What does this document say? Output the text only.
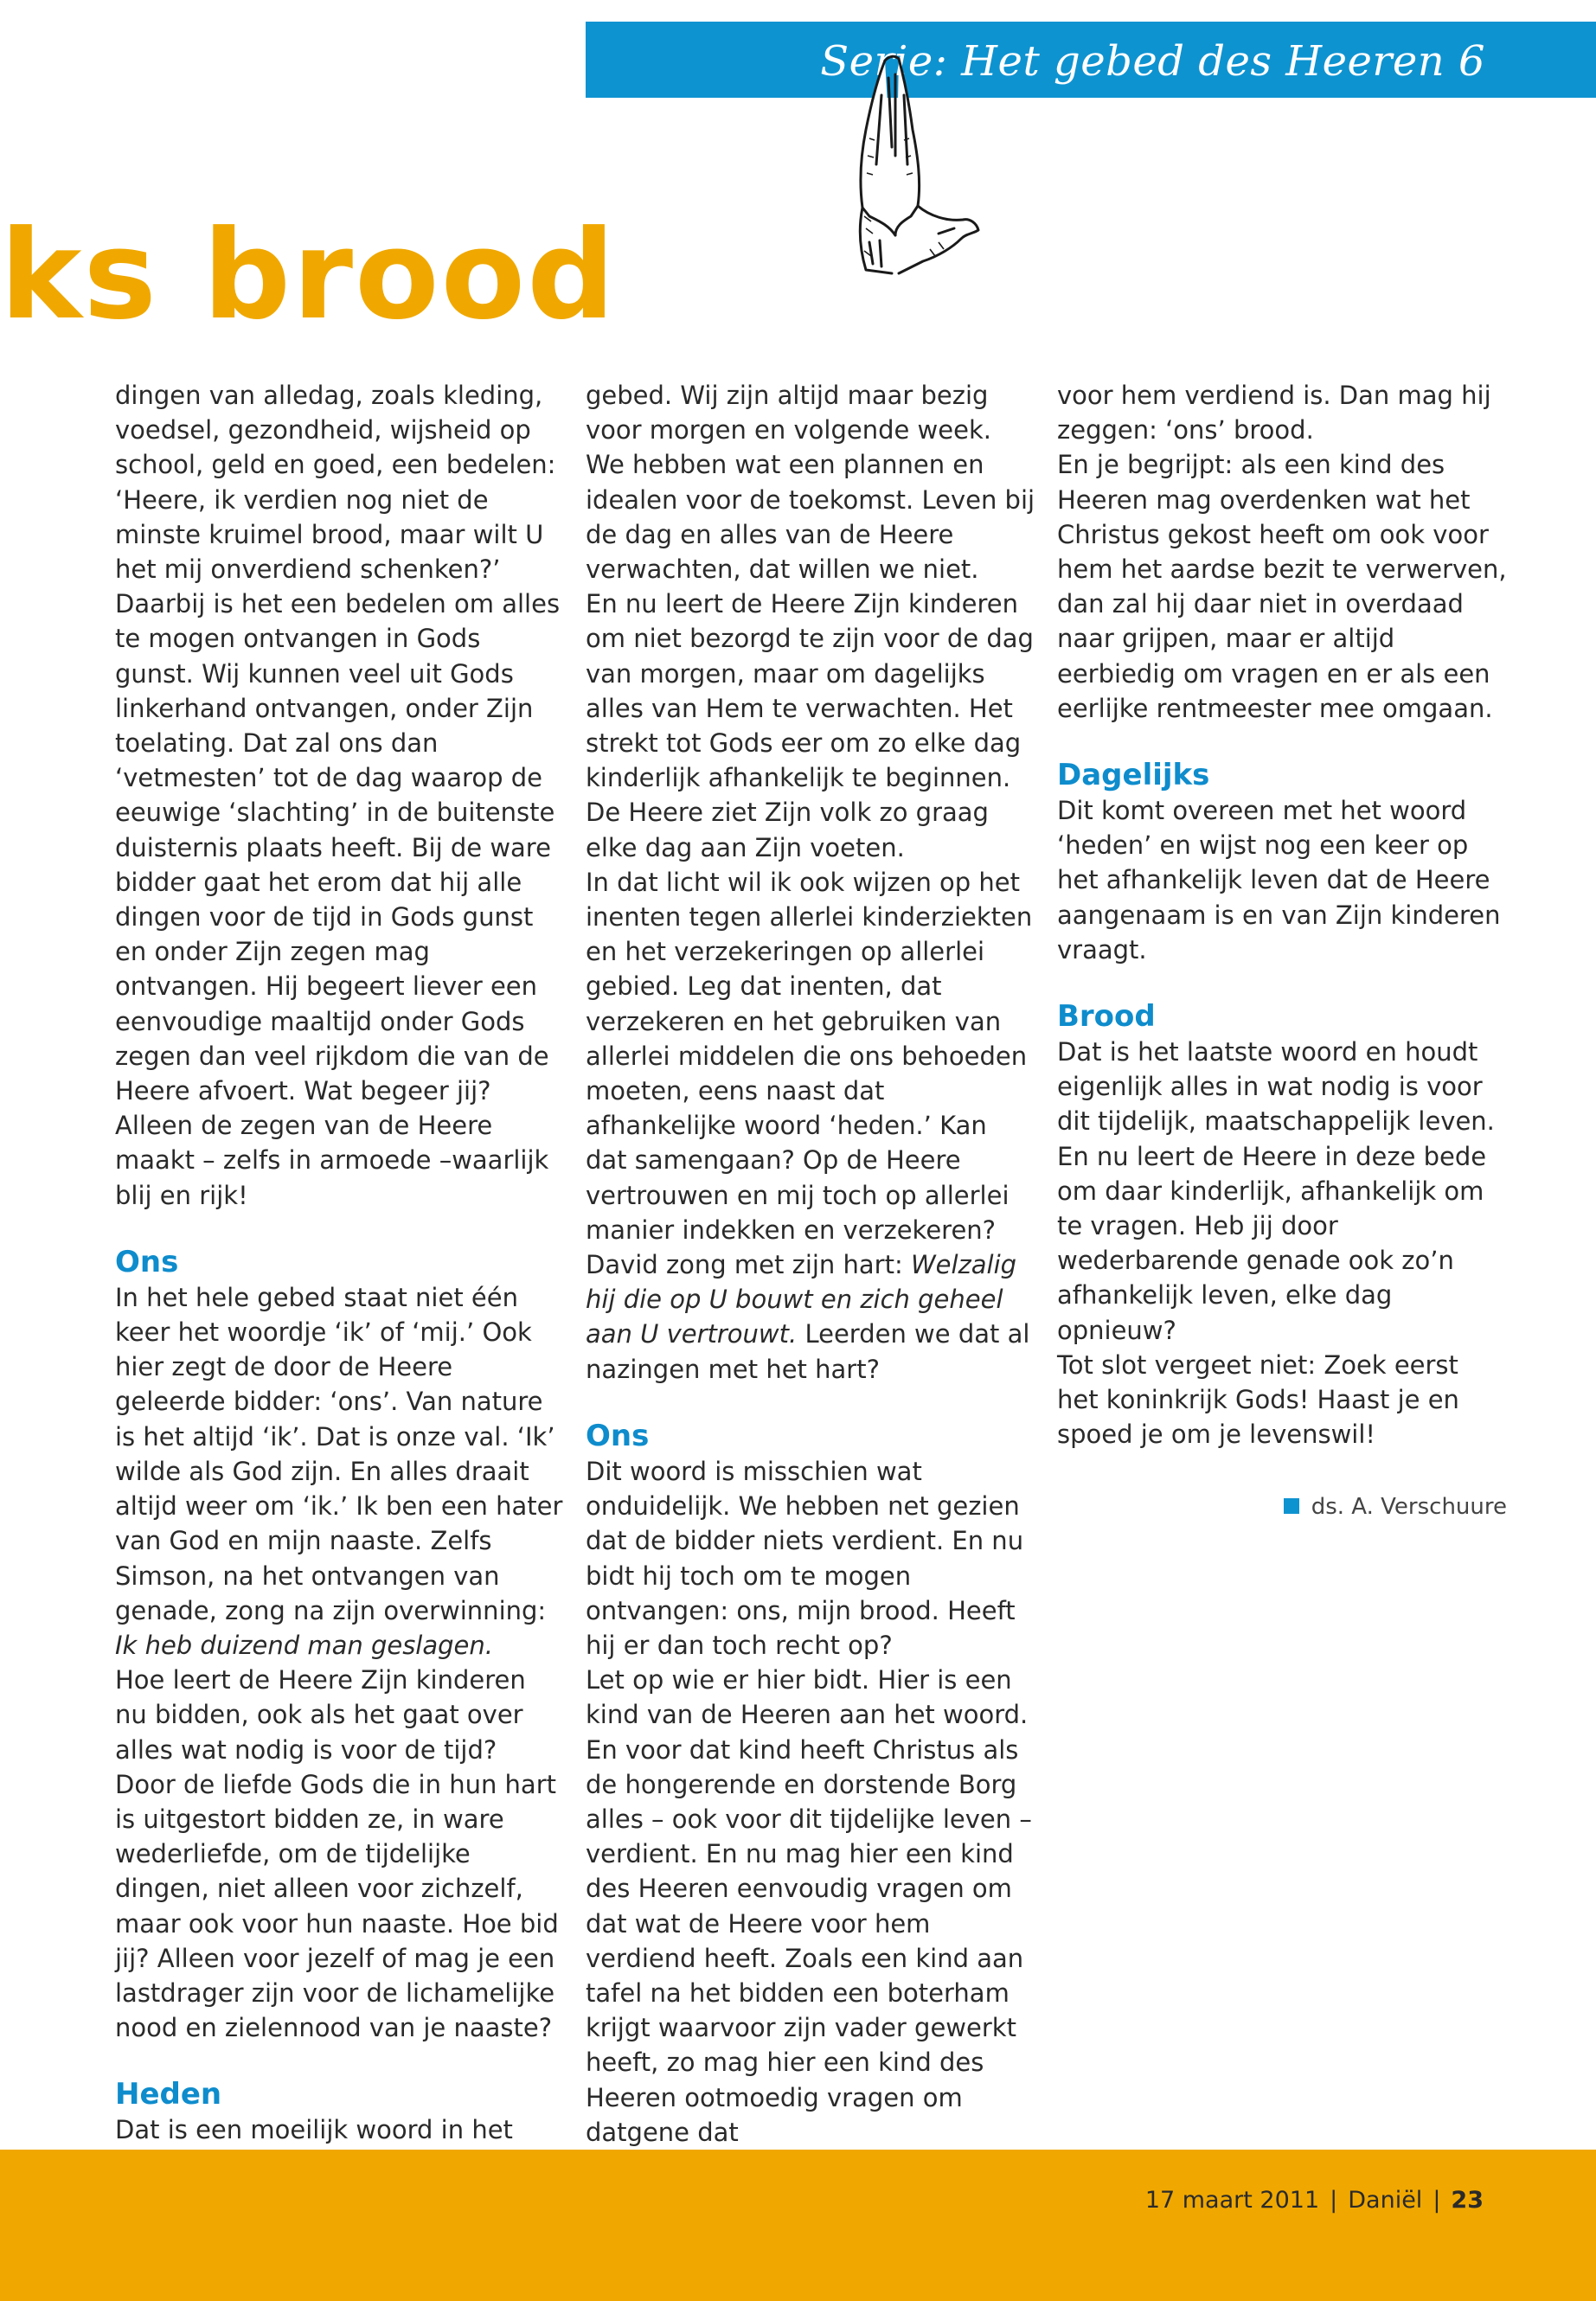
Serie: Het gebed des Heeren 6
ks brood

dingen van alledag, zoals kleding, voedsel, gezondheid, wijsheid op school, geld en goed, een bedelen: ‘Heere, ik verdien nog niet de minste kruimel brood, maar wilt U het mij onverdiend schenken?’

Daarbij is het een bedelen om alles te mogen ontvangen in Gods gunst. Wij kunnen veel uit Gods linkerhand ontvangen, onder Zijn toelating. Dat zal ons dan ‘vetmesten’ tot de dag waarop de eeuwige ‘slachting’ in de buitenste duisternis plaats heeft. Bij de ware bidder gaat het erom dat hij alle dingen voor de tijd in Gods gunst en onder Zijn zegen mag ontvangen. Hij begeert liever een eenvoudige maaltijd onder Gods zegen dan veel rijkdom die van de Heere afvoert. Wat begeer jij? Alleen de zegen van de Heere maakt – zelfs in armoede –waarlijk blij en rijk!

Ons

In het hele gebed staat niet één keer het woordje ‘ik’ of ‘mij.’ Ook hier zegt de door de Heere geleerde bidder: ‘ons’. Van nature is het altijd ‘ik’. Dat is onze val. ‘Ik’ wilde als God zijn. En alles draait altijd weer om ‘ik.’ Ik ben een hater van God en mijn naaste. Zelfs Simson, na het ontvangen van genade, zong na zijn overwinning: Ik heb duizend man geslagen.

Hoe leert de Heere Zijn kinderen nu bidden, ook als het gaat over alles wat nodig is voor de tijd? Door de liefde Gods die in hun hart is uitgestort bidden ze, in ware wederliefde, om de tijdelijke dingen, niet alleen voor zichzelf, maar ook voor hun naaste. Hoe bid jij? Alleen voor jezelf of mag je een lastdrager zijn voor de lichamelijke nood en zielennood van je naaste?

Heden

Dat is een moeilijk woord in het

gebed. Wij zijn altijd maar bezig voor morgen en volgende week. We hebben wat een plannen en idealen voor de toekomst. Leven bij de dag en alles van de Heere verwachten, dat willen we niet.

En nu leert de Heere Zijn kinderen om niet bezorgd te zijn voor de dag van morgen, maar om dagelijks alles van Hem te verwachten. Het strekt tot Gods eer om zo elke dag kinderlijk afhankelijk te beginnen. De Heere ziet Zijn volk zo graag elke dag aan Zijn voeten.

In dat licht wil ik ook wijzen op het inenten tegen allerlei kinderziekten en het verzekeringen op allerlei gebied. Leg dat inenten, dat verzekeren en het gebruiken van allerlei middelen die ons behoeden moeten, eens naast dat afhankelijke woord ‘heden.’ Kan dat samengaan? Op de Heere vertrouwen en mij toch op allerlei manier indekken en verzekeren? David zong met zijn hart: Welzalig hij die op U bouwt en zich geheel aan U vertrouwt. Leerden we dat al nazingen met het hart?

Ons

Dit woord is misschien wat onduidelijk. We hebben net gezien dat de bidder niets verdient. En nu bidt hij toch om te mogen ontvangen: ons, mijn brood. Heeft hij er dan toch recht op?

Let op wie er hier bidt. Hier is een kind van de Heeren aan het woord. En voor dat kind heeft Christus als de hongerende en dorstende Borg alles – ook voor dit tijdelijke leven – verdient. En nu mag hier een kind des Heeren eenvoudig vragen om dat wat de Heere voor hem verdiend heeft. Zoals een kind aan tafel na het bidden een boterham krijgt waarvoor zijn vader gewerkt heeft, zo mag hier een kind des Heeren ootmoedig vragen om datgene dat

voor hem verdiend is. Dan mag hij zeggen: ‘ons’ brood.

En je begrijpt: als een kind des Heeren mag overdenken wat het Christus gekost heeft om ook voor hem het aardse bezit te verwerven, dan zal hij daar niet in overdaad naar grijpen, maar er altijd eerbiedig om vragen en er als een eerlijke rentmeester mee omgaan.

Dagelijks

Dit komt overeen met het woord ‘heden’ en wijst nog een keer op het afhankelijk leven dat de Heere aangenaam is en van Zijn kinderen vraagt.

Brood

Dat is het laatste woord en houdt eigenlijk alles in wat nodig is voor dit tijdelijk, maatschappelijk leven. En nu leert de Heere in deze bede om daar kinderlijk, afhankelijk om te vragen. Heb jij door wederbarende genade ook zo’n afhankelijk leven, elke dag opnieuw?

Tot slot vergeet niet: Zoek eerst het koninkrijk Gods! Haast je en spoed je om je levenswil!

ds. A. Verschuure
17 maart 2011 | Daniël | 23
